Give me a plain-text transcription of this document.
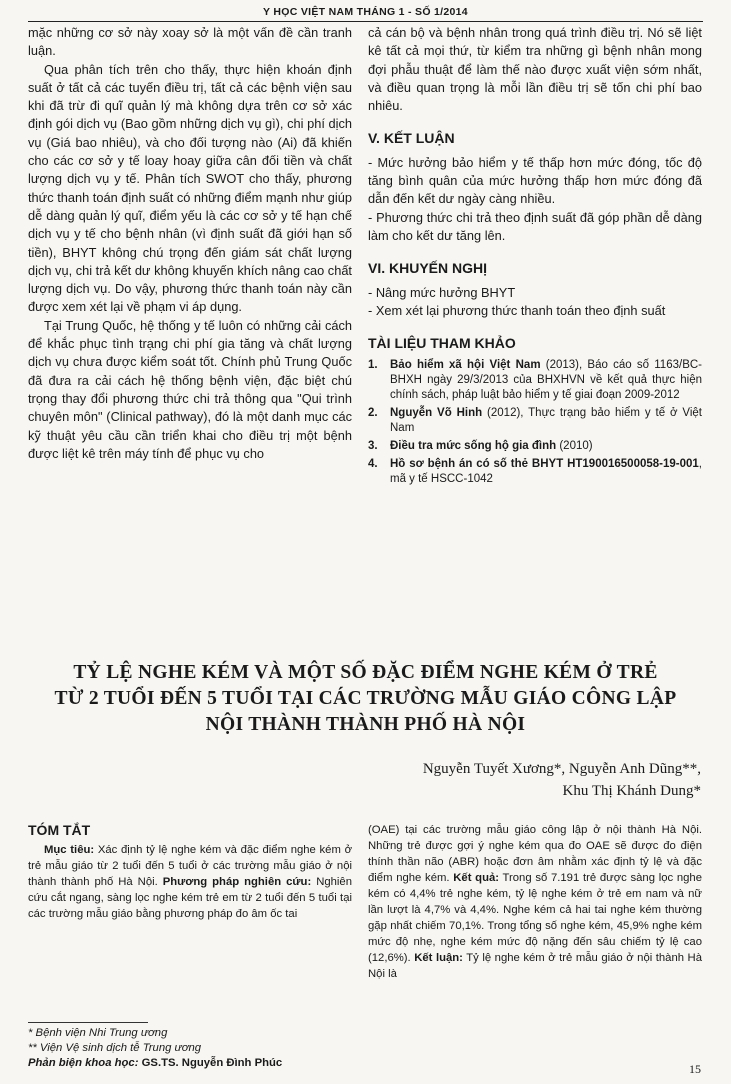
Y HỌC VIỆT NAM THÁNG 1 - SỐ 1/2014

mặc những cơ sở này xoay sở là một vấn đề cần tranh luận.

Qua phân tích trên cho thấy, thực hiện khoán định suất ở tất cả các tuyến điều trị, tất cả các bệnh viện sau khi đã trừ đi quĩ quản lý mà không dựa trên cơ sở xác định gói dịch vụ (Bao gồm những dịch vụ gì), chi phí dịch vụ (Giá bao nhiêu), và cho đối tượng nào (Ai) đã khiến cho các cơ sở y tế loay hoay giữa cân đối tiền và chất lượng dịch vụ y tế. Phân tích SWOT cho thấy, phương thức thanh toán định suất có những điểm mạnh như giúp dễ dàng quản lý quĩ, điểm yếu là các cơ sở y tế hạn chế dịch vụ y tế cho bệnh nhân (vì định suất đã giới hạn số tiền), BHYT không chú trọng đến giám sát chất lượng dịch vụ, chi trả kết dư không khuyến khích nâng cao chất lượng dịch vụ. Do vậy, phương thức thanh toán này cần được xem xét lại về phạm vi áp dụng.

Tại Trung Quốc, hệ thống y tế luôn có những cải cách để khắc phục tình trạng chi phí gia tăng và chất lượng dịch vụ chưa được kiểm soát tốt. Chính phủ Trung Quốc đã đưa ra cải cách hệ thống bệnh viện, đặc biệt chú trọng thay đổi phương thức chi trả thông qua "Qui trình chuyên môn" (Clinical pathway), đó là một danh mục các kỹ thuật yêu cầu cần triển khai cho điều trị một bệnh được liệt kê trên máy tính để phục vụ cho

cả cán bộ và bệnh nhân trong quá trình điều trị. Nó sẽ liệt kê tất cả mọi thứ, từ kiểm tra những gì bệnh nhân mong đợi phẫu thuật để làm thế nào được xuất viện sớm nhất, và điều quan trọng là mỗi lần điều trị sẽ tốn chi phí bao nhiêu.

V. KẾT LUẬN

- Mức hưởng bảo hiểm y tế thấp hơn mức đóng, tốc độ tăng bình quân của mức hưởng thấp hơn mức đóng đã dẫn đến kết dư ngày càng nhiều.

- Phương thức chi trả theo định suất đã góp phần dễ dàng làm cho kết dư tăng lên.

VI. KHUYẾN NGHỊ

- Nâng mức hưởng BHYT

- Xem xét lại phương thức thanh toán theo định suất

TÀI LIỆU THAM KHẢO
1.	Bảo hiểm xã hội Việt Nam (2013), Báo cáo số 1163/BC-BHXH ngày 29/3/2013 của BHXHVN về kết quả thực hiện chính sách, pháp luật bảo hiểm y tế giai đoạn 2009-2012
2.	Nguyễn Võ Hinh (2012), Thực trạng bảo hiểm y tế ở Việt Nam
3.	Điều tra mức sống hộ gia đình (2010)
4.	Hồ sơ bệnh án có số thẻ BHYT HT190016500058-19-001, mã y tế HSCC-1042
TỶ LỆ NGHE KÉM VÀ MỘT SỐ ĐẶC ĐIỂM NGHE KÉM Ở TRẺ
TỪ 2 TUỔI ĐẾN 5 TUỔI TẠI CÁC TRƯỜNG MẪU GIÁO CÔNG LẬP
NỘI THÀNH THÀNH PHỐ HÀ NỘI
Nguyễn Tuyết Xương*, Nguyễn Anh Dũng**,
Khu Thị Khánh Dung*
TÓM TẮT

Mục tiêu: Xác định tỷ lệ nghe kém và đặc điểm nghe kém ở trẻ mẫu giáo từ 2 tuổi đến 5 tuổi ở các trường mẫu giáo ở nội thành thành phố Hà Nội. Phương pháp nghiên cứu: Nghiên cứu cắt ngang, sàng lọc nghe kém trẻ em từ 2 tuổi đến 5 tuổi tại các trường mẫu giáo bằng phương pháp đo âm ốc tai

(OAE) tại các trường mẫu giáo công lập ở nội thành Hà Nội. Những trẻ được gợi ý nghe kém qua đo OAE sẽ được đo điện thính thần não (ABR) hoặc đơn âm nhằm xác định tỷ lệ và đặc điểm nghe kém. Kết quả: Trong số 7.191 trẻ được sàng lọc nghe kém có 4,4% trẻ nghe kém, tỷ lệ nghe kém ở trẻ em nam và nữ lần lượt là 4,7% và 4,4%. Nghe kém cả hai tai nghe kém thường gặp nhất chiếm 70,1%. Trong tổng số nghe kém, 45,9% nghe kém mức độ nhẹ, nghe kém mức độ nặng đến sâu chiếm tỷ lệ cao (12,6%). Kết luận: Tỷ lệ nghe kém ở trẻ mẫu giáo ở nội thành Hà Nội là

* Bệnh viện Nhi Trung ương
** Viện Vệ sinh dịch tễ Trung ương
Phản biện khoa học: GS.TS. Nguyễn Đình Phúc	15
